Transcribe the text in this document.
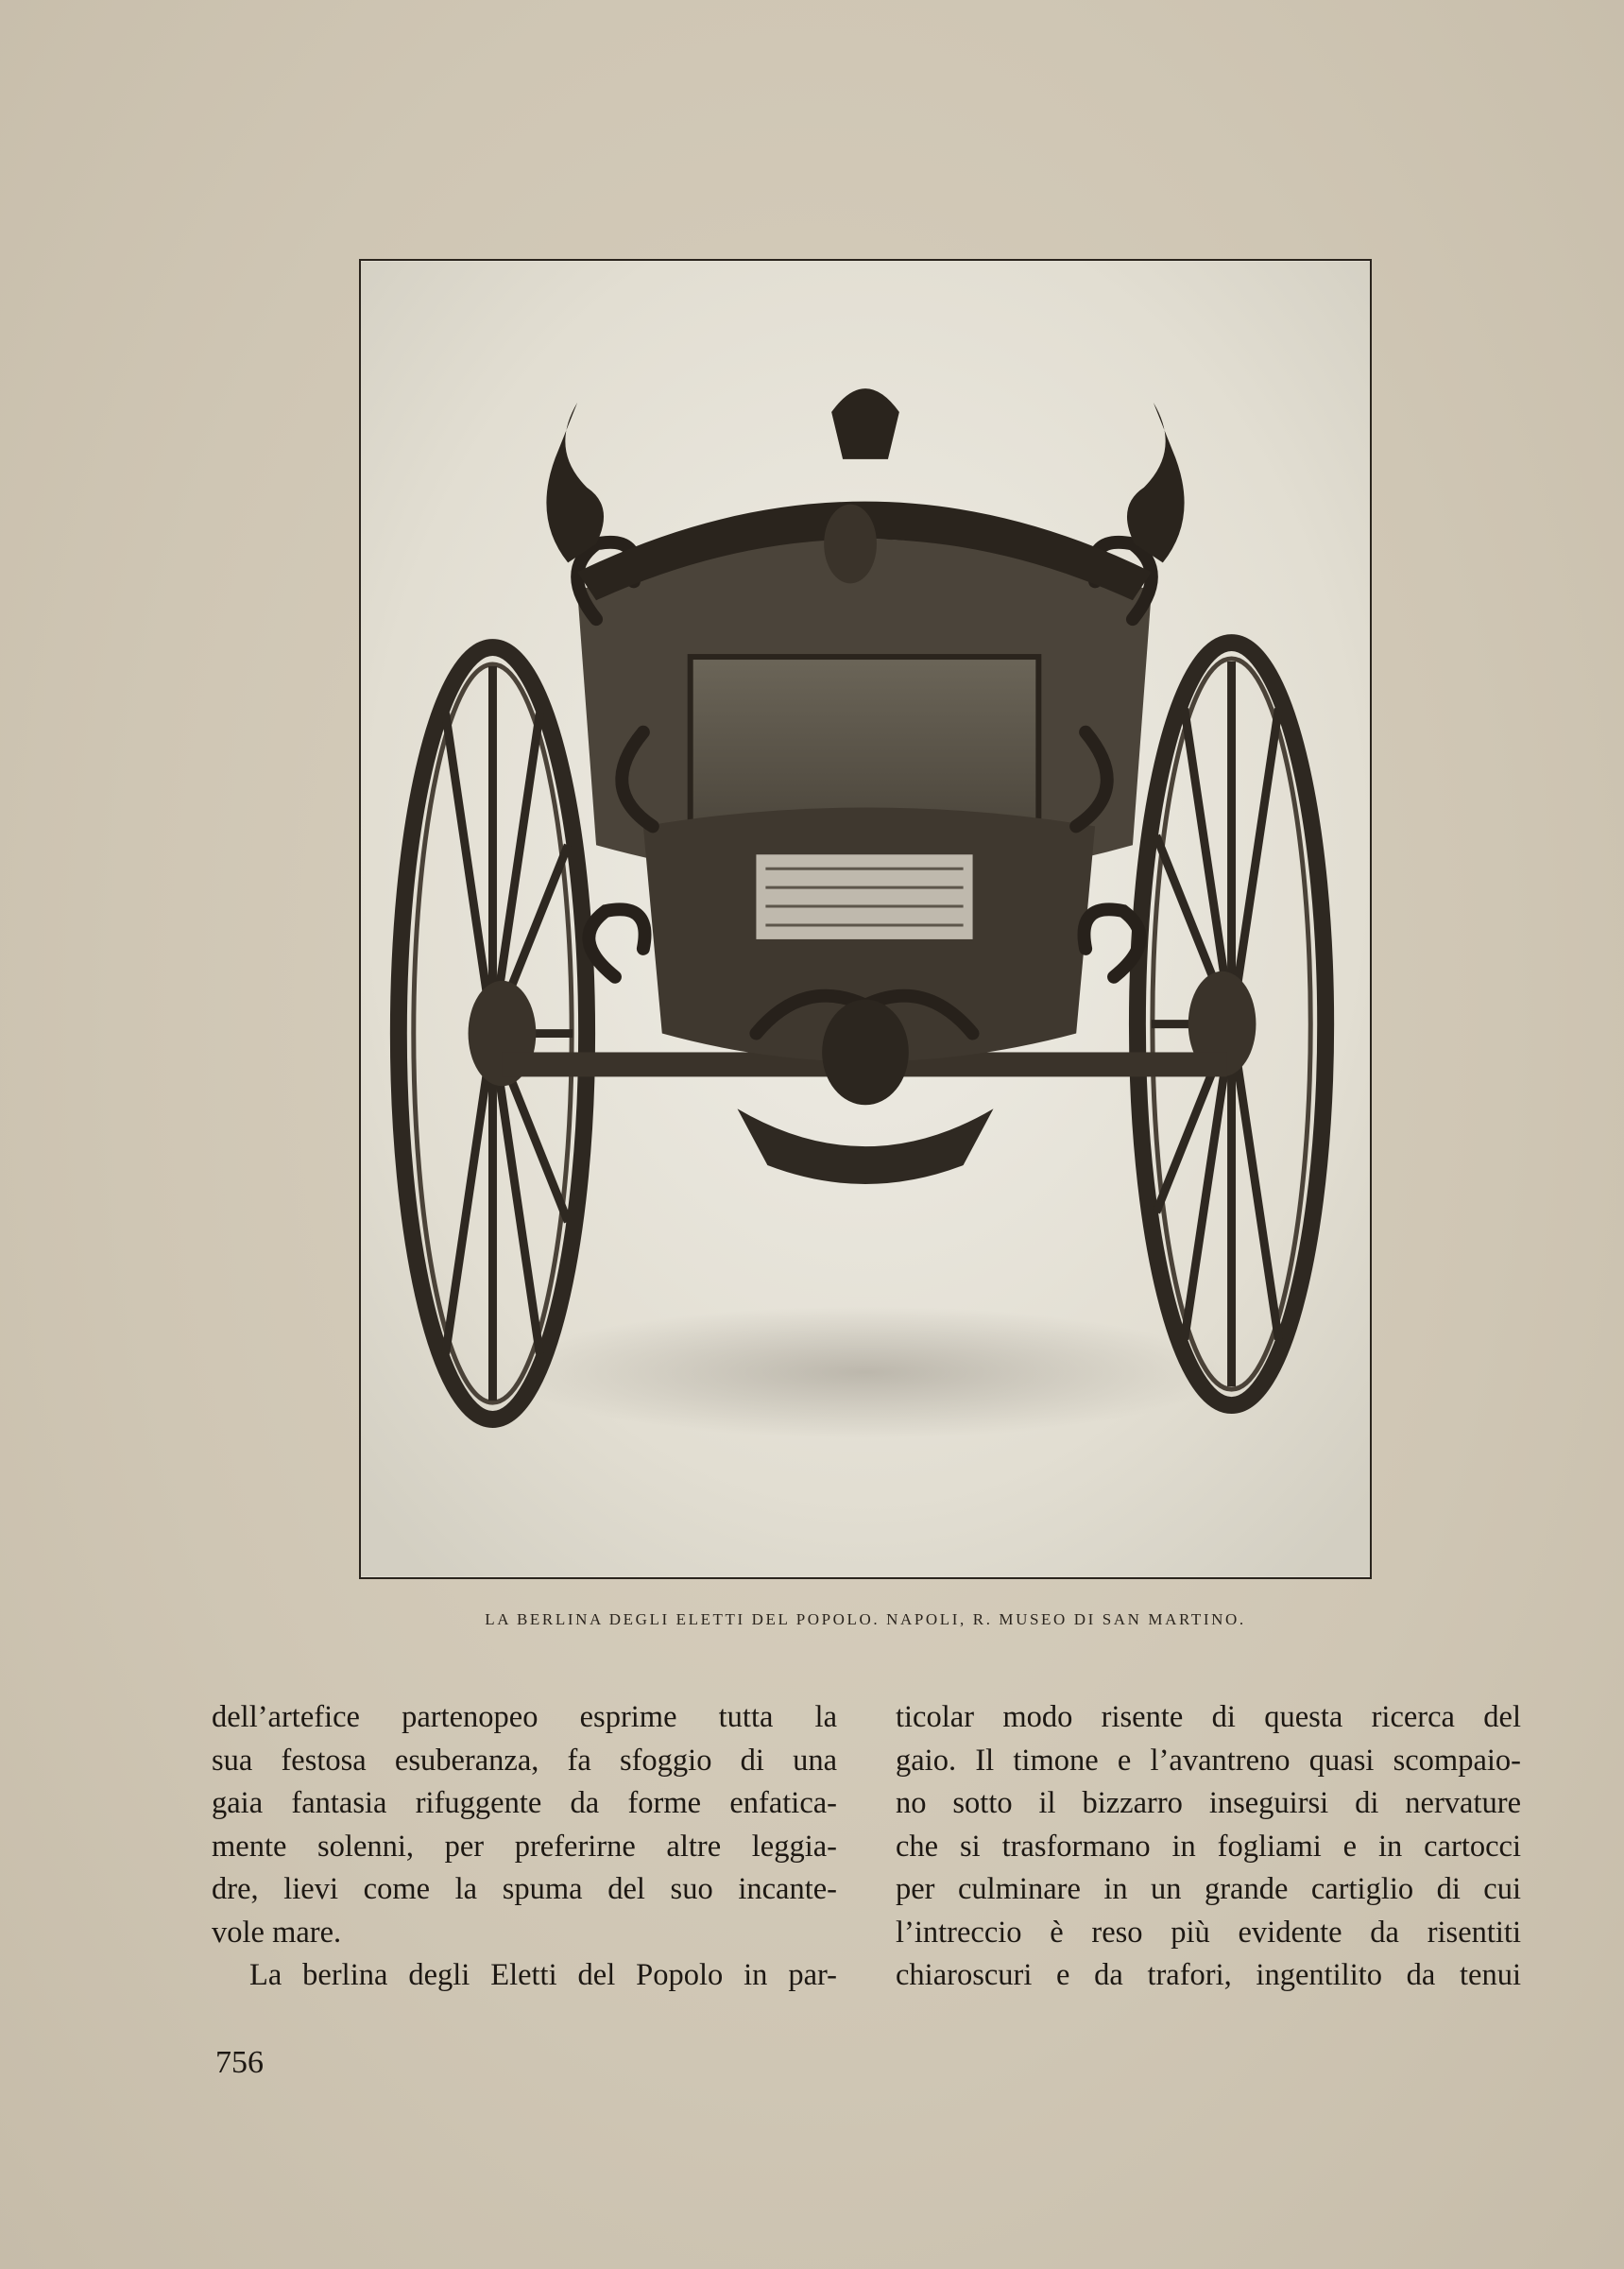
LA BERLINA DEGLI ELETTI DEL POPOLO. NAPOLI, R. MUSEO DI SAN MARTINO.
dell’artefice partenopeo esprime tutta la
sua festosa esuberanza, fa sfoggio di una
gaia fantasia rifuggente da forme enfatica-
mente solenni, per preferirne altre leggia-
dre, lievi come la spuma del suo incante-
vole mare.
La berlina degli Eletti del Popolo in par-
ticolar modo risente di questa ricerca del
gaio. Il timone e l’avantreno quasi scompaio-
no sotto il bizzarro inseguirsi di nervature
che si trasformano in fogliami e in cartocci
per culminare in un grande cartiglio di cui
l’intreccio è reso più evidente da risentiti
chiaroscuri e da trafori, ingentilito da tenui
756
